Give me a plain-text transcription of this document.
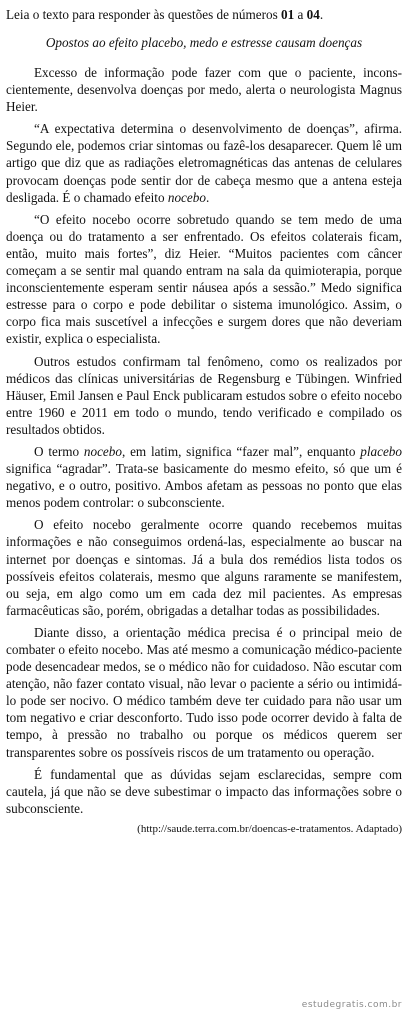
Leia o texto para responder às questões de números 01 a 04.

Opostos ao efeito placebo, medo e estresse causam doenças

Excesso de informação pode fazer com que o paciente, inconscientemente, desenvolva doenças por medo, alerta o neurologista Magnus Heier.

“A expectativa determina o desenvolvimento de doenças”, afirma. Segundo ele, podemos criar sintomas ou fazê-los desaparecer. Quem lê um artigo que diz que as radiações eletromagnéticas das antenas de celulares provocam doenças pode sentir dor de cabeça mesmo que a antena esteja desligada. É o chamado efeito nocebo.

“O efeito nocebo ocorre sobretudo quando se tem medo de uma doença ou do tratamento a ser enfrentado. Os efeitos colaterais ficam, então, muito mais fortes”, diz Heier. “Muitos pacientes com câncer começam a se sentir mal quando entram na sala da quimioterapia, porque inconscientemente esperam sentir náusea após a sessão.” Medo significa estresse para o corpo e pode debilitar o sistema imunológico. Assim, o corpo fica mais suscetível a infecções e surgem dores que não deveriam existir, explica o especialista.

Outros estudos confirmam tal fenômeno, como os realizados por médicos das clínicas universitárias de Regensburg e Tübingen. Winfried Häuser, Emil Jansen e Paul Enck publicaram estudos sobre o efeito nocebo entre 1960 e 2011 em todo o mundo, tendo verificado e compilado os resultados obtidos.

O termo nocebo, em latim, significa “fazer mal”, enquanto placebo significa “agradar”. Trata-se basicamente do mesmo efeito, só que um é negativo, e o outro, positivo. Ambos afetam as pessoas no ponto que elas menos podem controlar: o subconsciente.

O efeito nocebo geralmente ocorre quando recebemos muitas informações e não conseguimos ordená-las, especialmente ao buscar na internet por doenças e sintomas. Já a bula dos remédios lista todos os possíveis efeitos colaterais, mesmo que alguns raramente se manifestem, ou seja, em algo como um em cada dez mil pacientes. As empresas farmacêuticas são, porém, obrigadas a detalhar todas as possibilidades.

Diante disso, a orientação médica precisa é o principal meio de combater o efeito nocebo. Mas até mesmo a comunicação médico-paciente pode desencadear medos, se o médico não for cuidadoso. Não escutar com atenção, não fazer contato visual, não levar o paciente a sério ou intimidá-lo pode ser nocivo. O médico também deve ter cuidado para não usar um tom negativo e criar desconforto. Tudo isso pode ocorrer devido à falta de tempo, à pressão no trabalho ou porque os médicos querem ser transparentes sobre os possíveis riscos de um tratamento ou operação.

É fundamental que as dúvidas sejam esclarecidas, sempre com cautela, já que não se deve subestimar o impacto das informações sobre o subconsciente.

(http://saude.terra.com.br/doencas-e-tratamentos. Adaptado)

estudegratis.com.br
